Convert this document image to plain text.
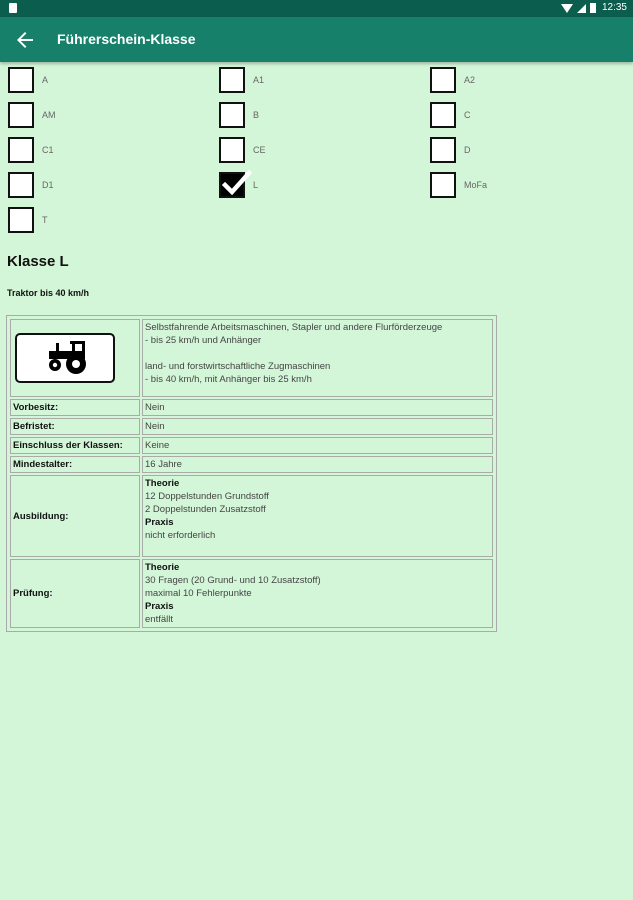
12:35
Führerschein-Klasse
A	A1	A2
AM	B	C
C1	CE	D
D1	L	MoFa
T
Klasse L
Traktor bis 40 km/h

Selbstfahrende Arbeitsmaschinen, Stapler und andere Flurförderzeuge
- bis 25 km/h und Anhänger
land- und forstwirtschaftliche Zugmaschinen
- bis 40 km/h, mit Anhänger bis 25 km/h

Vorbesitz:	Nein
Befristet:	Nein
Einschluss der Klassen:	Keine
Mindestalter:	16 Jahre
Ausbildung:	Theorie
12 Doppelstunden Grundstoff
2 Doppelstunden Zusatzstoff
Praxis
nicht erforderlich

Prüfung:	Theorie
30 Fragen (20 Grund- und 10 Zusatzstoff)
maximal 10 Fehlerpunkte
Praxis
entfällt
